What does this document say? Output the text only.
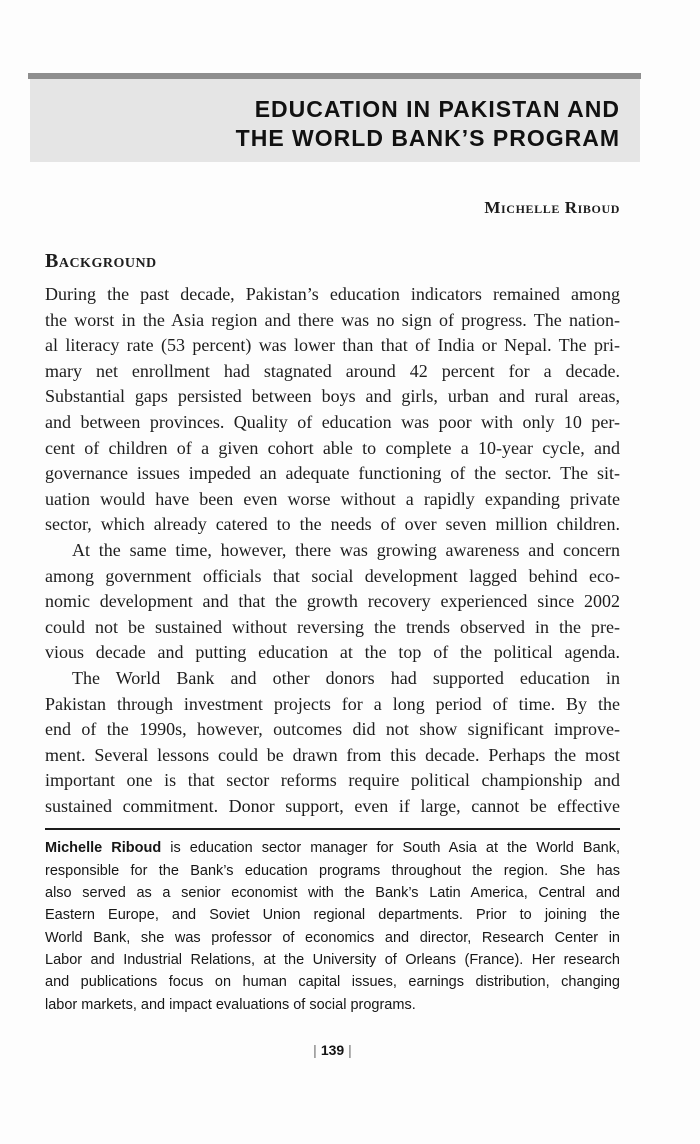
EDUCATION IN PAKISTAN AND
THE WORLD BANK’S PROGRAM
Michelle Riboud
Background
During the past decade, Pakistan’s education indicators remained among
the worst in the Asia region and there was no sign of progress. The nation-
al literacy rate (53 percent) was lower than that of India or Nepal. The pri-
mary net enrollment had stagnated around 42 percent for a decade.
Substantial gaps persisted between boys and girls, urban and rural areas,
and between provinces. Quality of education was poor with only 10 per-
cent of children of a given cohort able to complete a 10-year cycle, and
governance issues impeded an adequate functioning of the sector. The sit-
uation would have been even worse without a rapidly expanding private
sector, which already catered to the needs of over seven million children.
At the same time, however, there was growing awareness and concern
among government officials that social development lagged behind eco-
nomic development and that the growth recovery experienced since 2002
could not be sustained without reversing the trends observed in the pre-
vious decade and putting education at the top of the political agenda.
The World Bank and other donors had supported education in
Pakistan through investment projects for a long period of time. By the
end of the 1990s, however, outcomes did not show significant improve-
ment. Several lessons could be drawn from this decade. Perhaps the most
important one is that sector reforms require political championship and
sustained commitment. Donor support, even if large, cannot be effective
Michelle Riboud is education sector manager for South Asia at the World Bank,
responsible for the Bank’s education programs throughout the region. She has
also served as a senior economist with the Bank’s Latin America, Central and
Eastern Europe, and Soviet Union regional departments. Prior to joining the
World Bank, she was professor of economics and director, Research Center in
Labor and Industrial Relations, at the University of Orleans (France). Her research
and publications focus on human capital issues, earnings distribution, changing
labor markets, and impact evaluations of social programs.
| 139 |
